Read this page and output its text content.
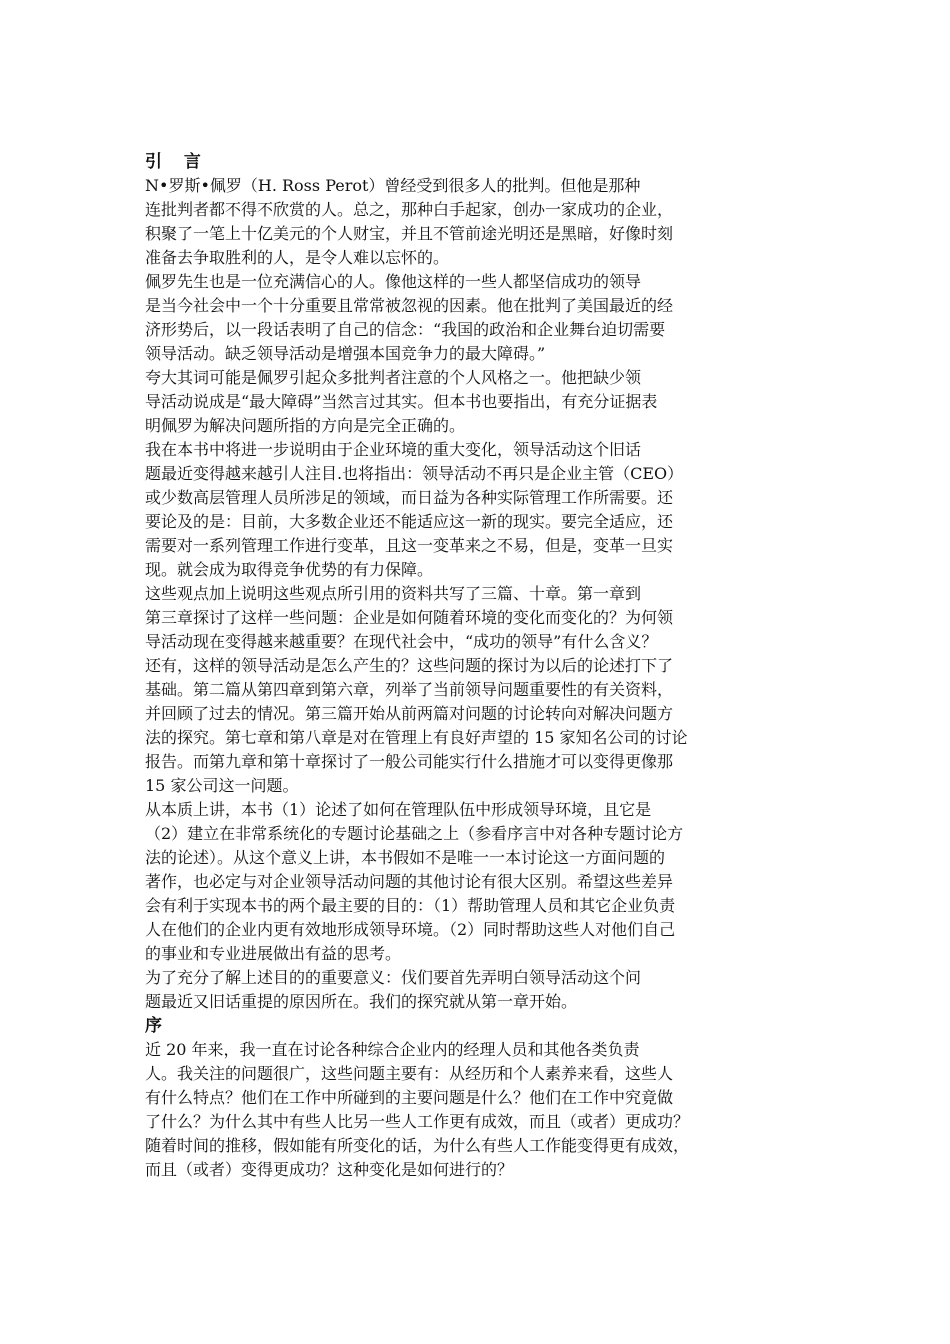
引 言
N•罗斯•佩罗（H. Ross Perot）曾经受到很多人的批判。但他是那种
连批判者都不得不欣赏的人。总之，那种白手起家，创办一家成功的企业，
积聚了一笔上十亿美元的个人财宝，并且不管前途光明还是黑暗，好像时刻
准备去争取胜利的人，是令人难以忘怀的。
佩罗先生也是一位充满信心的人。像他这样的一些人都坚信成功的领导
是当今社会中一个十分重要且常常被忽视的因素。他在批判了美国最近的经
济形势后，以一段话表明了自己的信念：“我国的政治和企业舞台迫切需要
领导活动。缺乏领导活动是增强本国竞争力的最大障碍。”
夸大其词可能是佩罗引起众多批判者注意的个人风格之一。他把缺少领
导活动说成是“最大障碍”当然言过其实。但本书也要指出，有充分证据表
明佩罗为解决问题所指的方向是完全正确的。
我在本书中将进一步说明由于企业环境的重大变化，领导活动这个旧话
题最近变得越来越引人注目.也将指出：领导活动不再只是企业主管（CEO）
或少数高层管理人员所涉足的领域，而日益为各种实际管理工作所需要。还
要论及的是：目前，大多数企业还不能适应这一新的现实。要完全适应，还
需要对一系列管理工作进行变革，且这一变革来之不易，但是，变革一旦实
现。就会成为取得竞争优势的有力保障。
这些观点加上说明这些观点所引用的资料共写了三篇、十章。第一章到
第三章探讨了这样一些问题：企业是如何随着环境的变化而变化的？为何领
导活动现在变得越来越重要？在现代社会中，“成功的领导”有什么含义？
还有，这样的领导活动是怎么产生的？这些问题的探讨为以后的论述打下了
基础。第二篇从第四章到第六章，列举了当前领导问题重要性的有关资料，
并回顾了过去的情况。第三篇开始从前两篇对问题的讨论转向对解决问题方
法的探究。第七章和第八章是对在管理上有良好声望的 15 家知名公司的讨论
报告。而第九章和第十章探讨了一般公司能实行什么措施才可以变得更像那
15 家公司这一问题。
从本质上讲，本书（1）论述了如何在管理队伍中形成领导环境，且它是
（2）建立在非常系统化的专题讨论基础之上（参看序言中对各种专题讨论方
法的论述）。从这个意义上讲，本书假如不是唯一一本讨论这一方面问题的
著作，也必定与对企业领导活动问题的其他讨论有很大区别。希望这些差异
会有利于实现本书的两个最主要的目的：（1）帮助管理人员和其它企业负责
人在他们的企业内更有效地形成领导环境。（2）同时帮助这些人对他们自己
的事业和专业进展做出有益的思考。
为了充分了解上述目的的重要意义：伐们要首先弄明白领导活动这个问
题最近又旧话重提的原因所在。我们的探究就从第一章开始。
序
近 20 年来，我一直在讨论各种综合企业内的经理人员和其他各类负责
人。我关注的问题很广，这些问题主要有：从经历和个人素养来看，这些人
有什么特点？他们在工作中所碰到的主要问题是什么？他们在工作中究竟做
了什么？为什么其中有些人比另一些人工作更有成效，而且（或者）更成功？
随着时间的推移，假如能有所变化的话，为什么有些人工作能变得更有成效，
而且（或者）变得更成功？这种变化是如何进行的？
